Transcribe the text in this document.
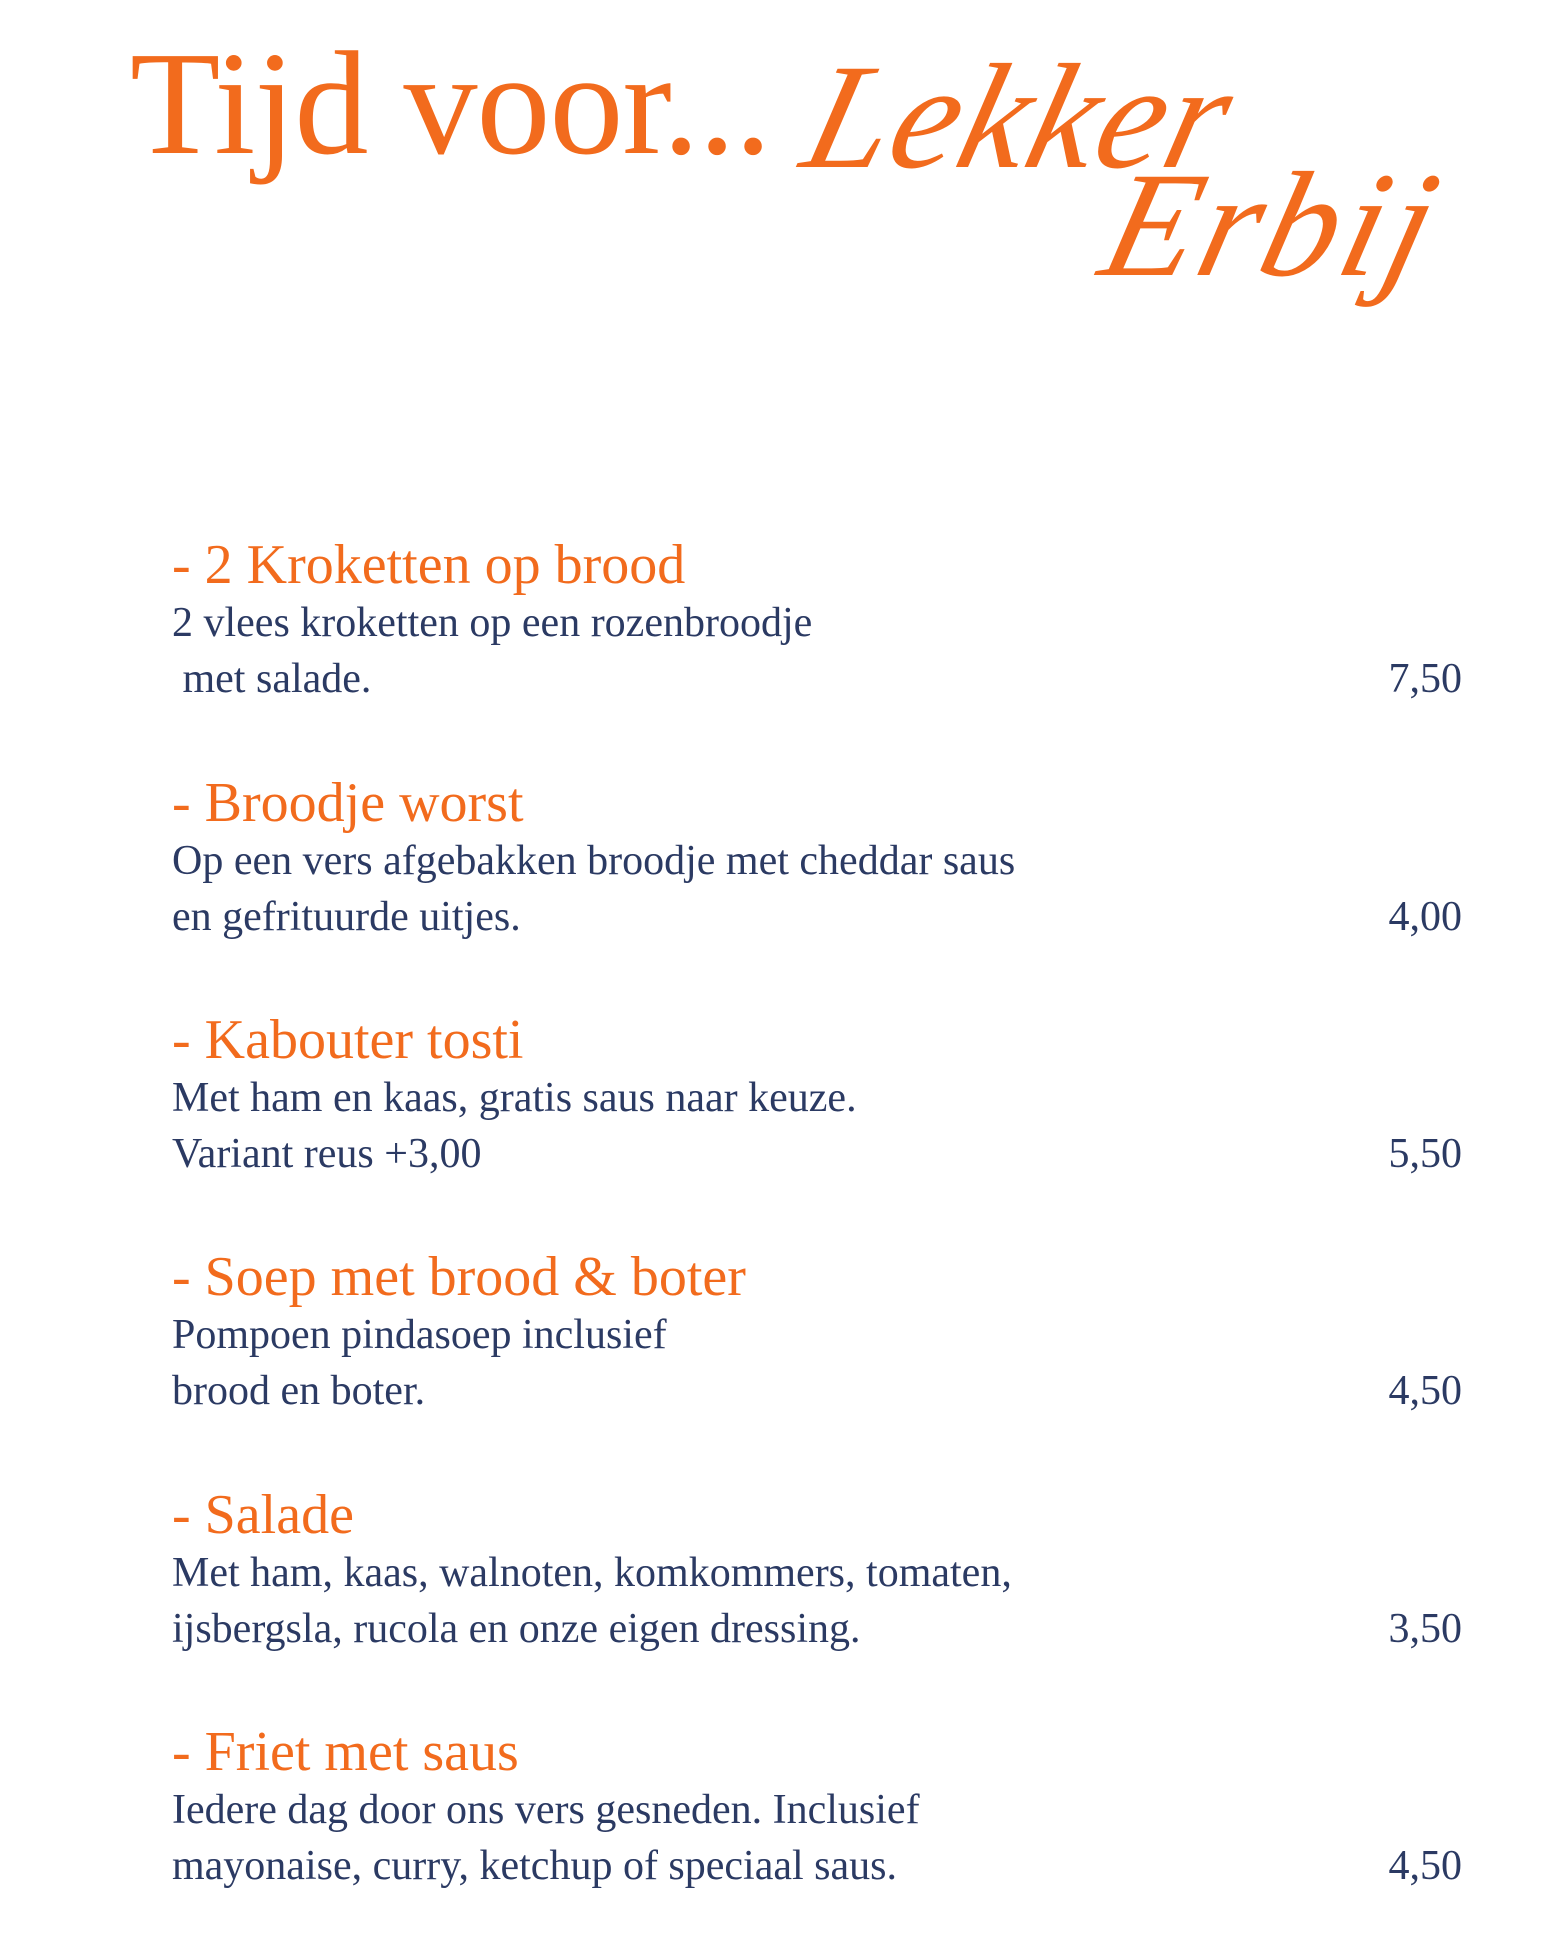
Tijd voor... Lekker
Erbij
- 2 Kroketten op brood
2 vlees kroketten op een rozenbroodje
met salade.	7,50
- Broodje worst
Op een vers afgebakken broodje met cheddar saus
en gefrituurde uitjes.	4,00
- Kabouter tosti
Met ham en kaas, gratis saus naar keuze.
Variant reus +3,00	5,50
- Soep met brood & boter
Pompoen pindasoep inclusief
brood en boter.	4,50
- Salade
Met ham, kaas, walnoten, komkommers, tomaten,
ijsbergsla, rucola en onze eigen dressing.	3,50
- Friet met saus
Iedere dag door ons vers gesneden. Inclusief
mayonaise, curry, ketchup of speciaal saus.	4,50
